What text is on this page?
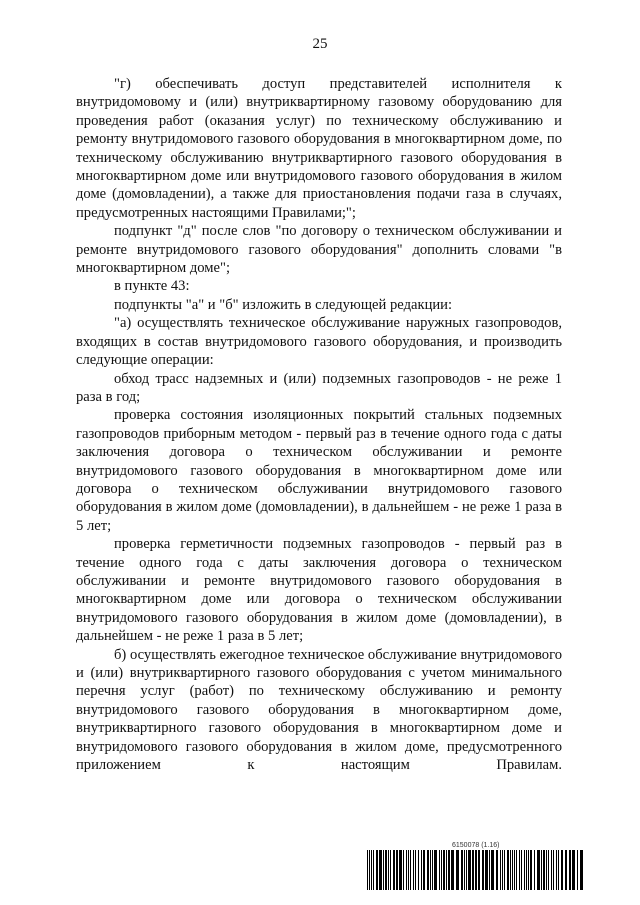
25

"г) обеспечивать доступ представителей исполнителя к внутридомовому и (или) внутриквартирному газовому оборудованию для проведения работ (оказания услуг) по техническому обслуживанию и ремонту внутридомового газового оборудования в многоквартирном доме, по техническому обслуживанию внутриквартирного газового оборудования в многоквартирном доме или внутридомового газового оборудования в жилом доме (домовладении), а также для приостановления подачи газа в случаях, предусмотренных настоящими Правилами;";

подпункт "д" после слов "по договору о техническом обслуживании и ремонте внутридомового газового оборудования" дополнить словами "в многоквартирном доме";

в пункте 43:

подпункты "а" и "б" изложить в следующей редакции:

"а) осуществлять техническое обслуживание наружных газопроводов, входящих в состав внутридомового газового оборудования, и производить следующие операции:

обход трасс надземных и (или) подземных газопроводов - не реже 1 раза в год;

проверка состояния изоляционных покрытий стальных подземных газопроводов приборным методом - первый раз в течение одного года с даты заключения договора о техническом обслуживании и ремонте внутридомового газового оборудования в многоквартирном доме или договора о техническом обслуживании внутридомового газового оборудования в жилом доме (домовладении), в дальнейшем - не реже 1 раза в 5 лет;

проверка герметичности подземных газопроводов - первый раз в течение одного года с даты заключения договора о техническом обслуживании и ремонте внутридомового газового оборудования в многоквартирном доме или договора о техническом обслуживании внутридомового газового оборудования в жилом доме (домовладении), в дальнейшем - не реже 1 раза в 5 лет;

б) осуществлять ежегодное техническое обслуживание внутридомового и (или) внутриквартирного газового оборудования с учетом минимального перечня услуг (работ) по техническому обслуживанию и ремонту внутридомового газового оборудования в многоквартирном доме, внутриквартирного газового оборудования в многоквартирном доме и внутридомового газового оборудования в жилом доме, предусмотренного приложением к настоящим Правилам.

6150078 (1.16)
